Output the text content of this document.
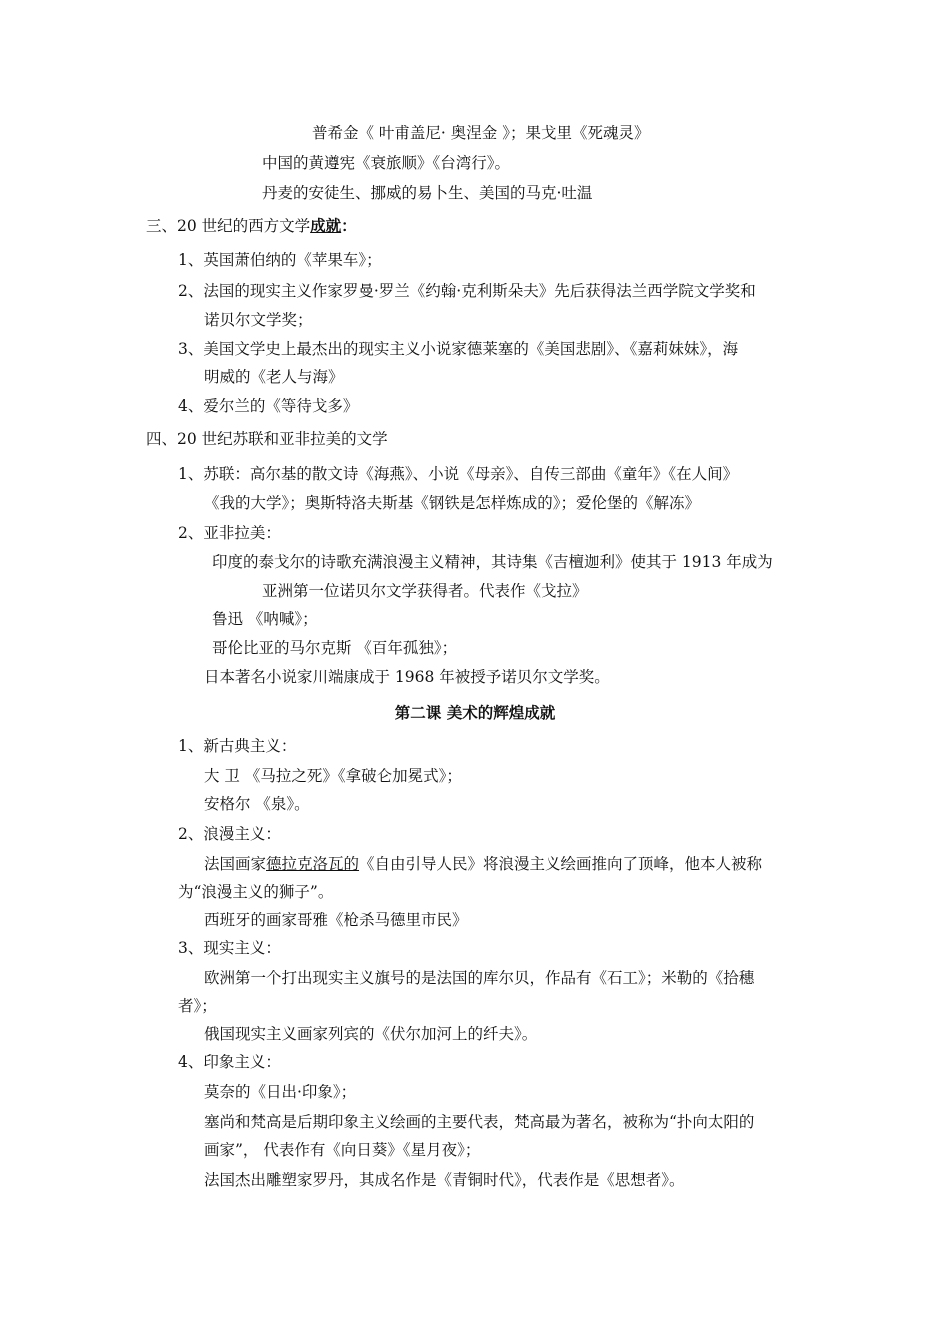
普希金《 叶甫盖尼· 奥涅金 》；果戈里《死魂灵》
中国的黄遵宪《衰旅顺》《台湾行》。
丹麦的安徒生、挪威的易卜生、美国的马克·吐温
三、20 世纪的西方文学成就：
1、英国萧伯纳的《苹果车》；
2、法国的现实主义作家罗曼·罗兰《约翰·克利斯朵夫》先后获得法兰西学院文学奖和
诺贝尔文学奖；
3、美国文学史上最杰出的现实主义小说家德莱塞的《美国悲剧》、《嘉莉妹妹》，海
明威的《老人与海》
4、爱尔兰的《等待戈多》
四、20 世纪苏联和亚非拉美的文学
1、苏联：高尔基的散文诗《海燕》、小说《母亲》、自传三部曲《童年》《在人间》
《我的大学》；奥斯特洛夫斯基《钢铁是怎样炼成的》；爱伦堡的《解冻》
2、亚非拉美：
印度的泰戈尔的诗歌充满浪漫主义精神，其诗集《吉檀迦利》使其于 1913 年成为
亚洲第一位诺贝尔文学获得者。代表作《戈拉》
鲁迅 《呐喊》；
哥伦比亚的马尔克斯 《百年孤独》；
日本著名小说家川端康成于 1968 年被授予诺贝尔文学奖。
第二课 美术的辉煌成就
1、新古典主义：
大 卫 《马拉之死》《拿破仑加冕式》；
安格尔 《泉》。
2、浪漫主义：
法国画家德拉克洛瓦的《自由引导人民》将浪漫主义绘画推向了顶峰，他本人被称
为“浪漫主义的狮子”。
西班牙的画家哥雅《枪杀马德里市民》
3、现实主义：
欧洲第一个打出现实主义旗号的是法国的库尔贝，作品有《石工》；米勒的《拾穗
者》；
俄国现实主义画家列宾的《伏尔加河上的纤夫》。
4、印象主义：
莫奈的《日出·印象》；
塞尚和梵高是后期印象主义绘画的主要代表，梵高最为著名，被称为“扑向太阳的
画家”， 代表作有《向日葵》《星月夜》；
法国杰出雕塑家罗丹，其成名作是《青铜时代》，代表作是《思想者》。
